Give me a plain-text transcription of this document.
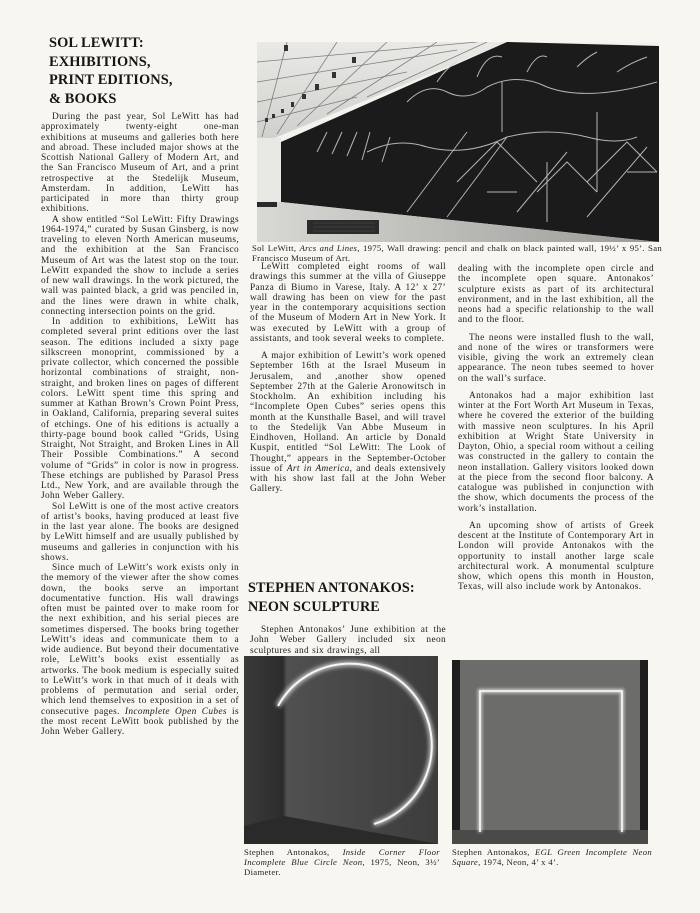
SOL LEWITT:
EXHIBITIONS,
PRINT EDITIONS,
& BOOKS

During the past year, Sol LeWitt has had approximately twenty-eight one-man exhibitions at museums and galleries both here and abroad. These included major shows at the Scottish National Gallery of Modern Art, and the San Francisco Museum of Art, and a print retrospective at the Stedelijk Museum, Amsterdam. In addition, LeWitt has participated in more than thirty group exhibitions.

A show entitled “Sol LeWitt: Fifty Drawings 1964-1974,” curated by Susan Ginsberg, is now traveling to eleven North American museums, and the exhibition at the San Francisco Museum of Art was the latest stop on the tour. LeWitt expanded the show to include a series of new wall drawings. In the work pictured, the wall was painted black, a grid was penciled in, and the lines were drawn in white chalk, connecting intersection points on the grid.

In addition to exhibitions, LeWitt has completed several print editions over the last season. The editions included a sixty page silkscreen monoprint, commissioned by a private collector, which concerned the possible horizontal combinations of straight, non- straight, and broken lines on pages of different colors. LeWitt spent time this spring and summer at Kathan Brown’s Crown Point Press, in Oakland, California, preparing several suites of etchings. One of his editions is actually a thirty-page bound book called “Grids, Using Straight, Not Straight, and Broken Lines in All Their Possible Combinations.” A second volume of “Grids” in color is now in progress. These etchings are published by Parasol Press Ltd., New York, and are available through the John Weber Gallery.

Sol LeWitt is one of the most active creators of artist’s books, having produced at least five in the last year alone. The books are designed by LeWitt himself and are usually published by museums and galleries in conjunction with his shows.

Since much of LeWitt’s work exists only in the memory of the viewer after the show comes down, the books serve an important documentative function. His wall drawings often must be painted over to make room for the next exhibition, and his serial pieces are sometimes dispersed. The books bring together LeWitt’s ideas and communicate them to a wide audience. But beyond their documentative role, LeWitt’s books exist essentially as artworks. The book medium is especially suited to LeWitt’s work in that much of it deals with problems of permutation and serial order, which lend themselves to exposition in a set of consecutive pages. Incomplete Open Cubes is the most recent LeWitt book published by the John Weber Gallery.

Sol LeWitt, Arcs and Lines, 1975, Wall drawing: pencil and chalk on black painted wall, 19½’ x 95’. San Francisco Museum of Art.

LeWitt completed eight rooms of wall drawings this summer at the villa of Giuseppe Panza di Biumo in Varese, Italy. A 12’ x 27’ wall drawing has been on view for the past year in the contemporary acquisitions section of the Museum of Modern Art in New York. It was executed by LeWitt with a group of assistants, and took several weeks to complete.

A major exhibition of Lewitt’s work opened September 16th at the Israel Museum in Jerusalem, and ,another show opened September 27th at the Galerie Aronowitsch in Stockholm. An exhibition including his “Incomplete Open Cubes” series opens this month at the Kunsthalle Basel, and will travel to the Stedelijk Van Abbe Museum in Eindhoven, Holland. An article by Donald Kuspit, entitled “Sol LeWitt: The Look of Thought,” appears in the September-October issue of Art in America, and deals extensively with his show last fall at the John Weber Gallery.

STEPHEN ANTONAKOS:
NEON SCULPTURE

Stephen Antonakos’ June exhibition at the John Weber Gallery included six neon sculptures and six drawings, all

dealing with the incomplete open circle and the incomplete open square. Antonakos’ sculpture exists as part of its architectural environment, and in the last exhibition, all the neons had a specific relationship to the wall and to the floor.

The neons were installed flush to the wall, and none of the wires or transformers were visible, giving the work an extremely clean appearance. The neon tubes seemed to hover on the wall’s surface.

Antonakos had a major exhibition last winter at the Fort Worth Art Museum in Texas, where he covered the exterior of the building with massive neon sculptures. In his April exhibition at Wright State University in Dayton, Ohio, a special room without a ceiling was constructed in the gallery to contain the neon installation. Gallery visitors looked down at the piece from the second floor balcony. A catalogue was published in conjunction with the show, which documents the process of the work’s installation.

An upcoming show of artists of Greek descent at the Institute of Contemporary Art in London will provide Antonakos with the opportunity to install another large scale architectural work. A monumental sculpture show, which opens this month in Houston, Texas, will also include work by Antonakos.

Stephen Antonakos, Inside Corner Floor Incomplete Blue Circle Neon, 1975, Neon, 3½’ Diameter.

Stephen Antonakos, EGL Green Incomplete Neon Square, 1974, Neon, 4’ x 4’.
